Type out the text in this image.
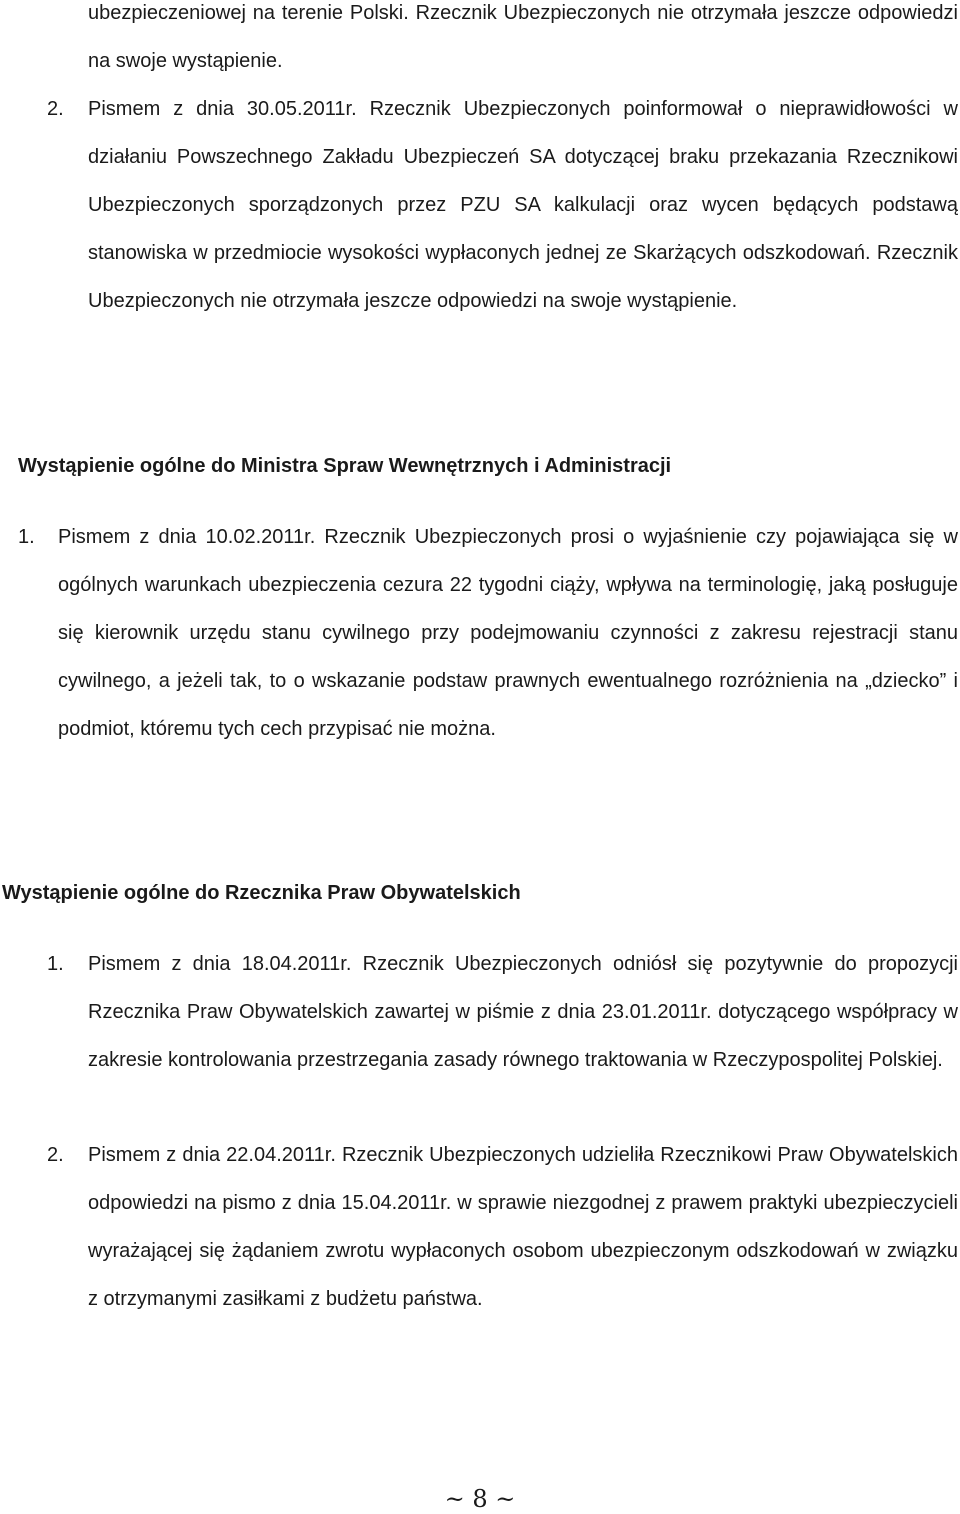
ubezpieczeniowej na terenie Polski. Rzecznik Ubezpieczonych nie otrzymała jeszcze odpowiedzi na swoje wystąpienie.

2. Pismem z dnia 30.05.2011r. Rzecznik Ubezpieczonych poinformował o nieprawidłowości w działaniu Powszechnego Zakładu Ubezpieczeń SA dotyczącej braku przekazania Rzecznikowi Ubezpieczonych sporządzonych przez PZU SA kalkulacji oraz wycen będących podstawą stanowiska w przedmiocie wysokości wypłaconych jednej ze Skarżących odszkodowań. Rzecznik Ubezpieczonych nie otrzymała jeszcze odpowiedzi na swoje wystąpienie.

Wystąpienie ogólne do Ministra Spraw Wewnętrznych i Administracji
1. Pismem z dnia 10.02.2011r. Rzecznik Ubezpieczonych prosi o wyjaśnienie czy pojawiająca się w ogólnych warunkach ubezpieczenia cezura 22 tygodni ciąży, wpływa na terminologię, jaką posługuje się kierownik urzędu stanu cywilnego przy podejmowaniu czynności z zakresu rejestracji stanu cywilnego, a jeżeli tak, to o wskazanie podstaw prawnych ewentualnego rozróżnienia na „dziecko” i podmiot, któremu tych cech przypisać nie można.

Wystąpienie ogólne do Rzecznika Praw Obywatelskich
1. Pismem z dnia 18.04.2011r. Rzecznik Ubezpieczonych odniósł się pozytywnie do propozycji Rzecznika Praw Obywatelskich zawartej w piśmie z dnia 23.01.2011r. dotyczącego współpracy w zakresie kontrolowania przestrzegania zasady równego traktowania w Rzeczypospolitej Polskiej.

2. Pismem z dnia 22.04.2011r. Rzecznik Ubezpieczonych udzieliła Rzecznikowi Praw Obywatelskich odpowiedzi na pismo z dnia 15.04.2011r. w sprawie niezgodnej z prawem praktyki ubezpieczycieli wyrażającej się żądaniem zwrotu wypłaconych osobom ubezpieczonym odszkodowań w związku z otrzymanymi zasiłkami z budżetu państwa.

~ 8 ~
